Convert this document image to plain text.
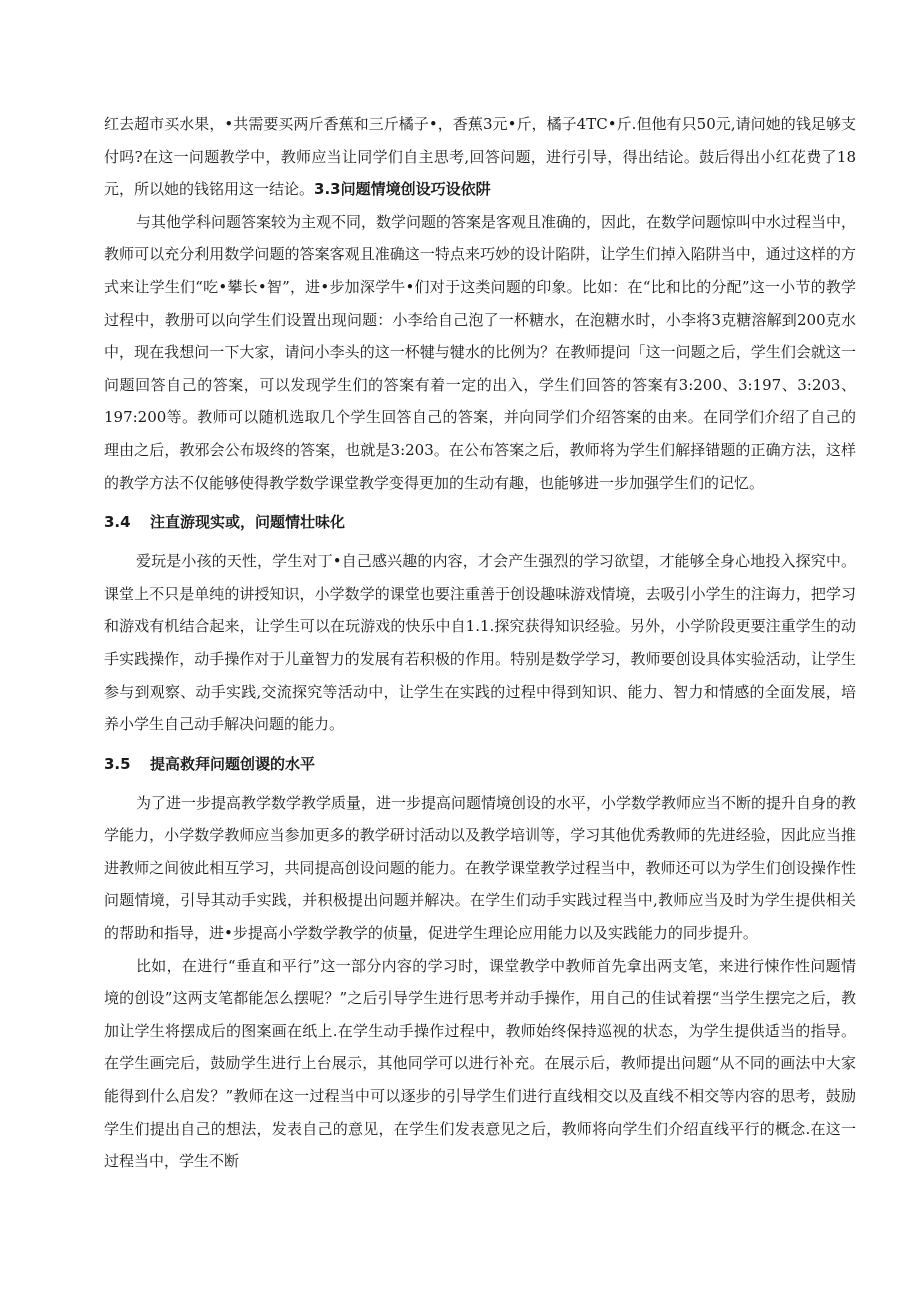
红去超市买水果，•共需要买两斤香蕉和三斤橘子•，香蕉3元•斤，橘子4TC•斤.但他有只50元,请问她的钱足够支付吗?在这一问题教学中，教师应当让同学们自主思考,回答问题，进行引导，得出结论。鼓后得出小红花费了18元，所以她的钱铭用这一结论。3.3问题情境创设巧设依阱

与其他学科问题答案较为主观不同，数学问题的答案是客观且准确的，因此，在数学问题惊叫中水过程当中，教师可以充分利用数学问题的答案客观且准确这一特点来巧妙的设计陷阱，让学生们掉入陷阱当中，通过这样的方式来让学生们“吃•攀长•智”，进•步加深学牛•们对于这类问题的印象。比如：在“比和比的分配”这一小节的教学过程中，教册可以向学生们设置出现问题：小李给自己泡了一杯糖水，在泡糖水时，小李将3克糖溶解到200克水中，现在我想问一下大家，请问小李头的这一杯犍与犍水的比例为？在教师提问「这一问题之后，学生们会就这一问题回答自己的答案，可以发现学生们的答案有着一定的出入，学生们回答的答案有3:200、3:197、3:203、197:200等。教师可以随机选取几个学生回答自己的答案，并向同学们介绍答案的由来。在同学们介绍了自己的理由之后，教邪会公布圾终的答案，也就是3:203。在公布答案之后，教师将为学生们解择错题的正确方法，这样的教学方法不仅能够使得教学数学课堂教学变得更加的生动有趣，也能够进一步加强学生们的记忆。

3.4 注直游现实或，问题情壮味化

爱玩是小孩的天性，学生对丁•自己感兴趣的内容，才会产生强烈的学习欲望，才能够全身心地投入探究中。课堂上不只是单纯的讲授知识，小学数学的课堂也要注重善于创设趣味游戏情境，去吸引小学生的注诲力，把学习和游戏有机结合起来，让学生可以在玩游戏的快乐中自1.1.探究获得知识经验。另外，小学阶段更要注重学生的动手实践操作，动手操作对于儿童智力的发展有若积极的作用。特别是数学学习，教师要创设具体实验活动，让学生参与到观察、动手实践,交流探究等活动中，让学生在实践的过程中得到知识、能力、智力和情感的全面发展，培养小学生自己动手解决问题的能力。

3.5 提高救拜问题创谡的水平

为了进一步提高教学数学教学质量，进一步提高问题情境创设的水平，小学数学教师应当不断的提升自身的教学能力，小学数学教师应当参加更多的教学研讨活动以及教学培训等，学习其他优秀教师的先进经验，因此应当推进教师之间彼此相互学习，共同提高创设问题的能力。在教学课堂教学过程当中，教师还可以为学生们创设操作性问题情境，引导其动手实践，并积极提出问题并解决。在学生们动手实践过程当中,教师应当及时为学生提供相关的帮助和指导，进•步提高小学数学教学的侦量，促进学生理论应用能力以及实践能力的同步提升。

比如，在进行“垂直和平行”这一部分内容的学习时，课堂教学中教师首先拿出两支笔，来进行悚作性问题情境的创设”这两支笔都能怎么摆呢？”之后引导学生进行思考并动手操作，用自己的佳试着摆“当学生摆完之后，教加让学生将摆成后的图案画在纸上.在学生动手操作过程中，教师始终保持巡视的状态，为学生提供适当的指导。在学生画完后，鼓励学生进行上台展示，其他同学可以进行补充。在展示后，教师提出问题“从不同的画法中大家能得到什么启发？”教师在这一过程当中可以逐步的引导学生们进行直线相交以及直线不相交等内容的思考，鼓励学生们提出自己的想法，发表自己的意见，在学生们发表意见之后，教师将向学生们介绍直线平行的概念.在这一过程当中，学生不断
